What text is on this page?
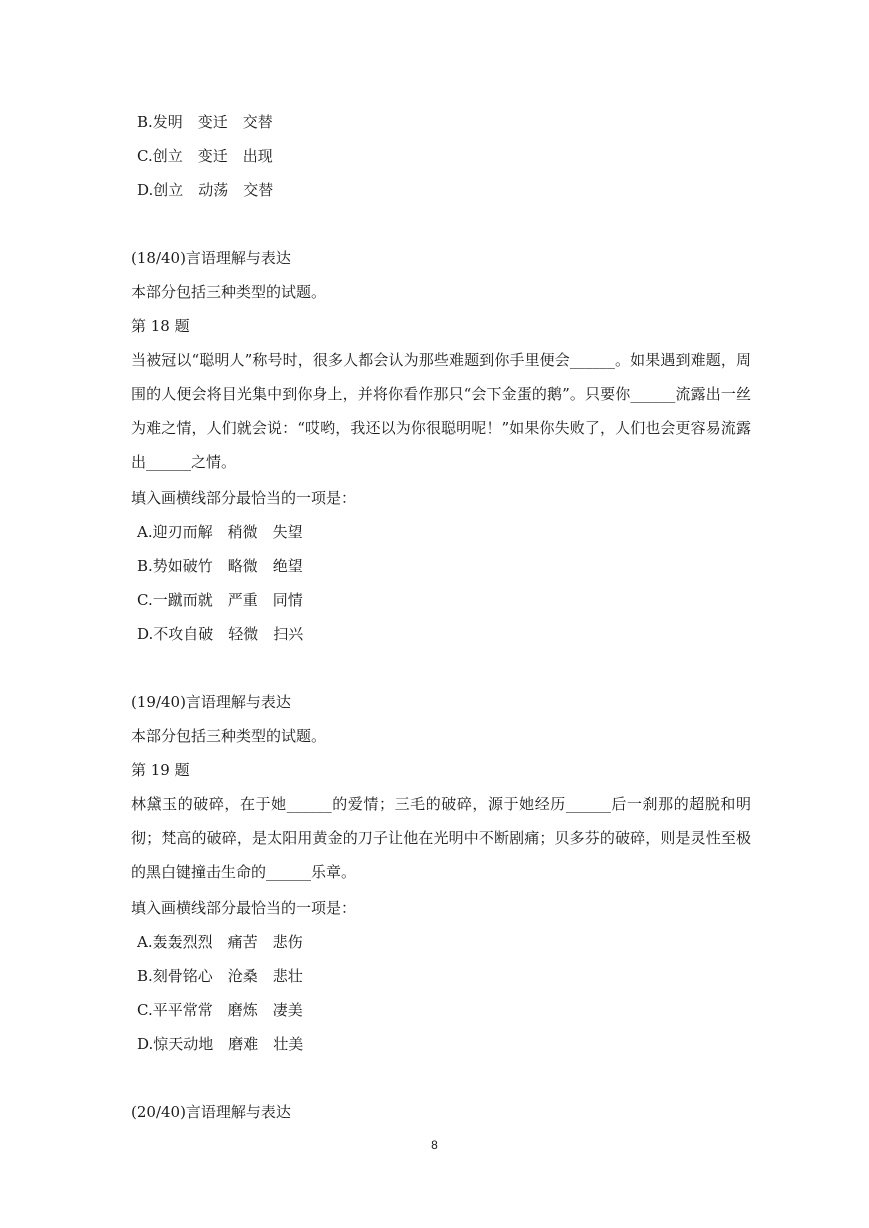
B.发明　变迁　交替
C.创立　变迁　出现
D.创立　动荡　交替
(18/40)言语理解与表达
本部分包括三种类型的试题。
第 18 题
当被冠以“聪明人”称号时，很多人都会认为那些难题到你手里便会______。如果遇到难题，周围的人便会将目光集中到你身上，并将你看作那只“会下金蛋的鹅”。只要你______流露出一丝为难之情，人们就会说：“哎哟，我还以为你很聪明呢！”如果你失败了，人们也会更容易流露出______之情。
填入画横线部分最恰当的一项是：
A.迎刃而解　稍微　失望
B.势如破竹　略微　绝望
C.一蹴而就　严重　同情
D.不攻自破　轻微　扫兴
(19/40)言语理解与表达
本部分包括三种类型的试题。
第 19 题
林黛玉的破碎，在于她______的爱情；三毛的破碎，源于她经历______后一刹那的超脱和明彻；梵高的破碎，是太阳用黄金的刀子让他在光明中不断剧痛；贝多芬的破碎，则是灵性至极的黑白键撞击生命的______乐章。
填入画横线部分最恰当的一项是：
A.轰轰烈烈　痛苦　悲伤
B.刻骨铭心　沧桑　悲壮
C.平平常常　磨炼　凄美
D.惊天动地　磨难　壮美
(20/40)言语理解与表达
8
